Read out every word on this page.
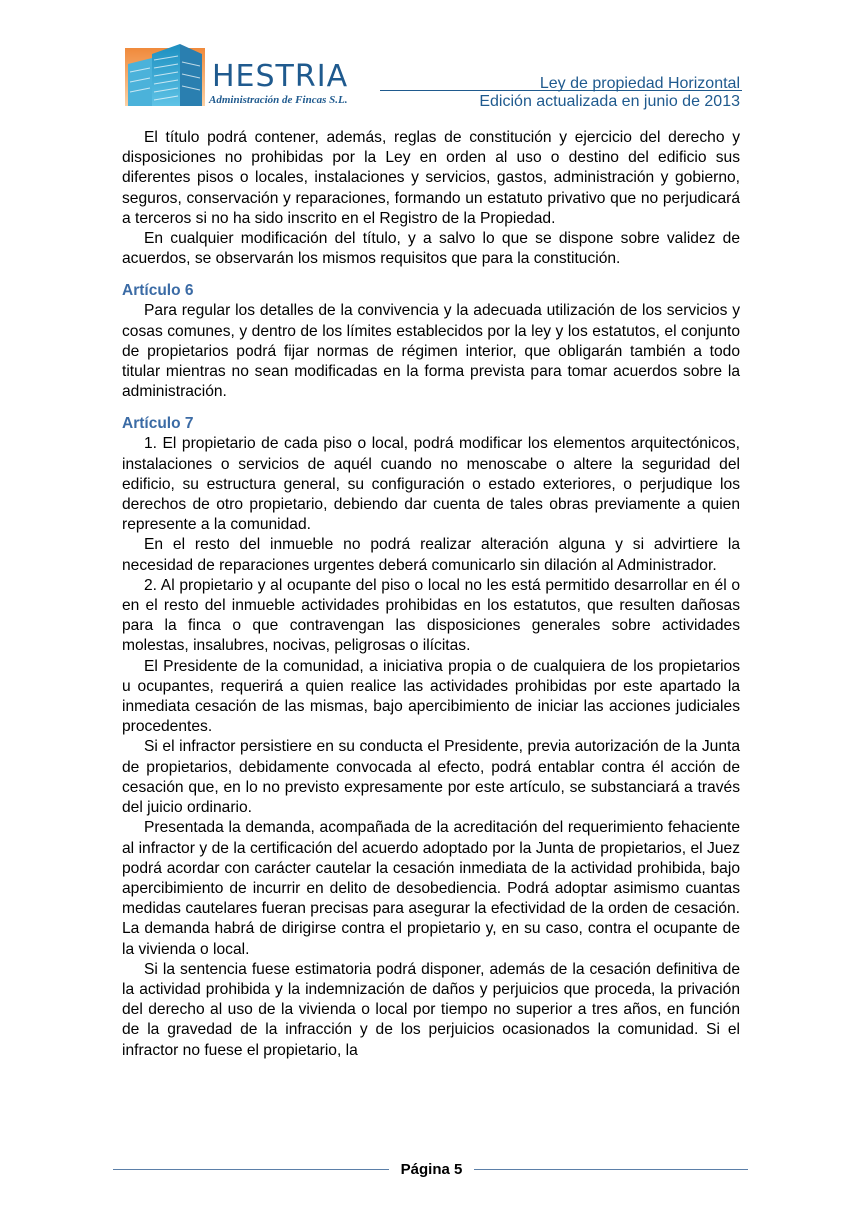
HESTRIA
Administración de Fincas S.L.
Ley de propiedad Horizontal
Edición actualizada en junio de 2013

El título podrá contener, además, reglas de constitución y ejercicio del derecho y disposiciones no prohibidas por la Ley en orden al uso o destino del edificio sus diferentes pisos o locales, instalaciones y servicios, gastos, administración y gobierno, seguros, conservación y reparaciones, formando un estatuto privativo que no perjudicará a terceros si no ha sido inscrito en el Registro de la Propiedad.

En cualquier modificación del título, y a salvo lo que se dispone sobre validez de acuerdos, se observarán los mismos requisitos que para la constitución.

Artículo 6

Para regular los detalles de la convivencia y la adecuada utilización de los servicios y cosas comunes, y dentro de los límites establecidos por la ley y los estatutos, el conjunto de propietarios podrá fijar normas de régimen interior, que obligarán también a todo titular mientras no sean modificadas en la forma prevista para tomar acuerdos sobre la administración.

Artículo 7

1. El propietario de cada piso o local, podrá modificar los elementos arquitectónicos, instalaciones o servicios de aquél cuando no menoscabe o altere la seguridad del edificio, su estructura general, su configuración o estado exteriores, o perjudique los derechos de otro propietario, debiendo dar cuenta de tales obras previamente a quien represente a la comunidad.

En el resto del inmueble no podrá realizar alteración alguna y si advirtiere la necesidad de reparaciones urgentes deberá comunicarlo sin dilación al Administrador.

2. Al propietario y al ocupante del piso o local no les está permitido desarrollar en él o en el resto del inmueble actividades prohibidas en los estatutos, que resulten dañosas para la finca o que contravengan las disposiciones generales sobre actividades molestas, insalubres, nocivas, peligrosas o ilícitas.

El Presidente de la comunidad, a iniciativa propia o de cualquiera de los propietarios u ocupantes, requerirá a quien realice las actividades prohibidas por este apartado la inmediata cesación de las mismas, bajo apercibimiento de iniciar las acciones judiciales procedentes.

Si el infractor persistiere en su conducta el Presidente, previa autorización de la Junta de propietarios, debidamente convocada al efecto, podrá entablar contra él acción de cesación que, en lo no previsto expresamente por este artículo, se substanciará a través del juicio ordinario.

Presentada la demanda, acompañada de la acreditación del requerimiento fehaciente al infractor y de la certificación del acuerdo adoptado por la Junta de propietarios, el Juez podrá acordar con carácter cautelar la cesación inmediata de la actividad prohibida, bajo apercibimiento de incurrir en delito de desobediencia. Podrá adoptar asimismo cuantas medidas cautelares fueran precisas para asegurar la efectividad de la orden de cesación. La demanda habrá de dirigirse contra el propietario y, en su caso, contra el ocupante de la vivienda o local.

Si la sentencia fuese estimatoria podrá disponer, además de la cesación definitiva de la actividad prohibida y la indemnización de daños y perjuicios que proceda, la privación del derecho al uso de la vivienda o local por tiempo no superior a tres años, en función de la gravedad de la infracción y de los perjuicios ocasionados la comunidad. Si el infractor no fuese el propietario, la

Página 5
